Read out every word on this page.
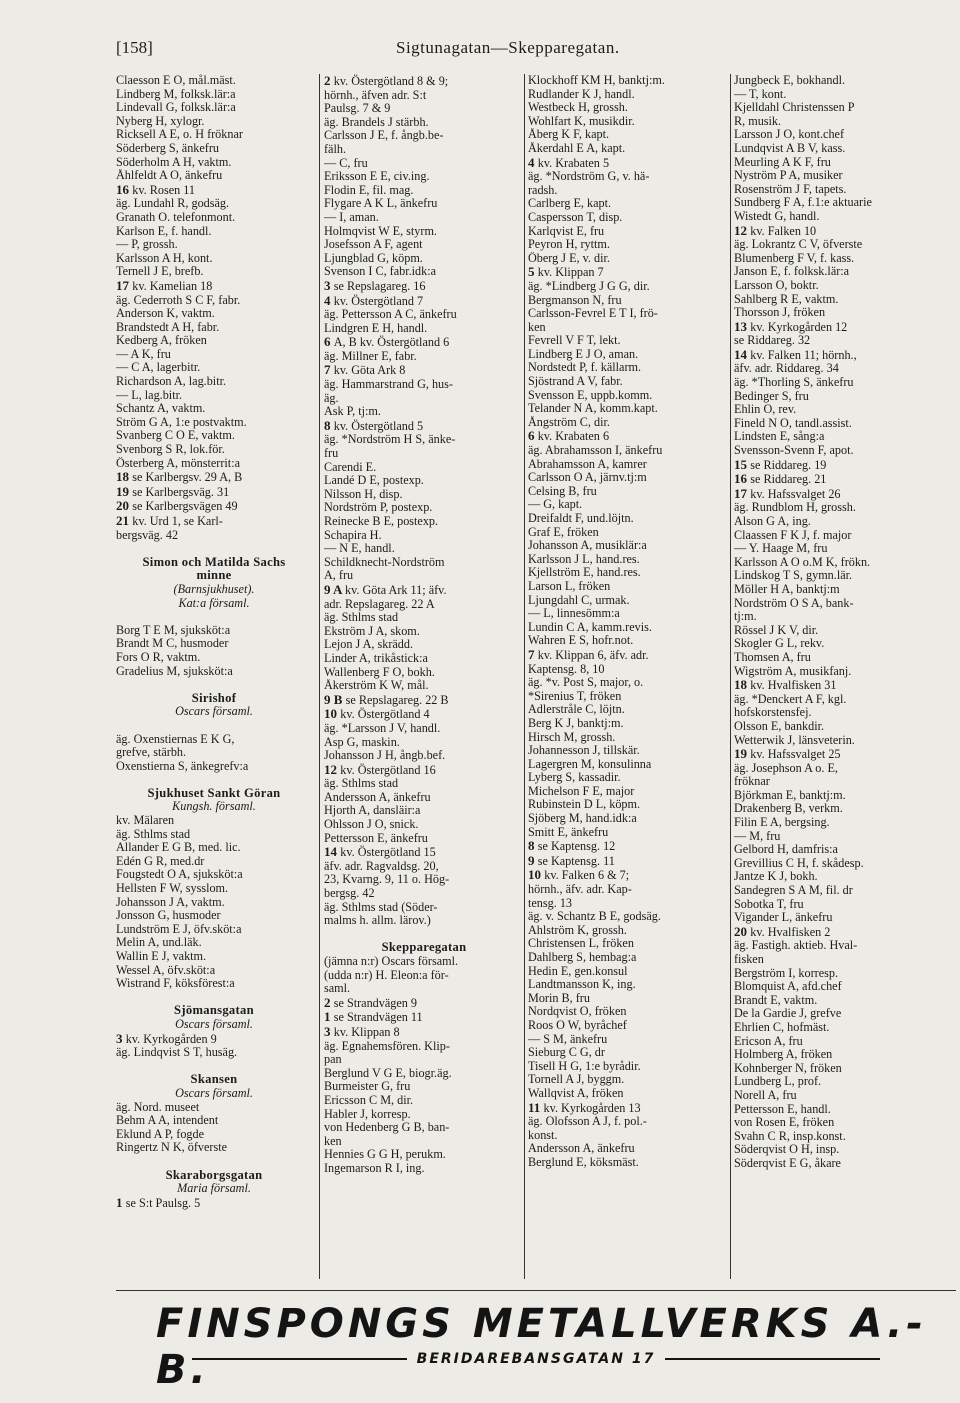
[158]	Sigtunagatan—Skepparegatan.
Claesson E O, mål.mäst.
Lindberg M, folksk.lär:a
Lindevall G, folksk.lär:a
Nyberg H, xylogr.
Ricksell A E, o. H fröknar
Söderberg S, änkefru
Söderholm A H, vaktm.
Åhlfeldt A O, änkefru
16 kv. Rosen 11
äg. Lundahl R, godsäg.
Granath O. telefonmont.
Karlson E, f. handl.
— P, grossh.
Karlsson A H, kont.
Ternell J E, brefb.
17 kv. Kamelian 18
äg. Cederroth S C F, fabr.
Anderson K, vaktm.
Brandstedt A H, fabr.
Kedberg A, fröken
— A K, fru
— C A, lagerbitr.
Richardson A, lag.bitr.
— L, lag.bitr.
Schantz A, vaktm.
Ström G A, 1:e postvaktm.
Svanberg C O E, vaktm.
Svenborg S R, lok.för.
Österberg A, mönsterrit:a
18 se Karlbergsv. 29 A, B
19 se Karlbergsväg. 31
20 se Karlbergsvägen 49
21 kv. Urd 1, se Karl-
bergsväg. 42

Simon och Matilda Sachs
minne
(Barnsjukhuset).
Kat:a församl.

Borg T E M, sjuksköt:a
Brandt M C, husmoder
Fors O R, vaktm.
Gradelius M, sjuksköt:a

Sirishof
Oscars församl.

äg. Oxenstiernas E K G,
grefve, stärbh.
Oxenstierna S, änkegrefv:a

Sjukhuset Sankt Göran
Kungsh. församl.
kv. Mälaren
äg. Sthlms stad
Allander E G B, med. lic.
Edén G R, med.dr
Fougstedt O A, sjuksköt:a
Hellsten F W, sysslom.
Johansson J A, vaktm.
Jonsson G, husmoder
Lundström E J, öfv.sköt:a
Melin A, und.läk.
Wallin E J, vaktm.
Wessel A, öfv.sköt:a
Wistrand F, köksförest:a

Sjömansgatan
Oscars församl.
3 kv. Kyrkogården 9
äg. Lindqvist S T, husäg.

Skansen
Oscars församl.
äg. Nord. museet
Behm A A, intendent
Eklund A P, fogde
Ringertz N K, öfverste

Skaraborgsgatan
Maria församl.
1 se S:t Paulsg. 5
2 kv. Östergötland 8 & 9;
hörnh., äfven adr. S:t
Paulsg. 7 & 9
äg. Brandels J stärbh.
Carlsson J E, f. ångb.be-
fälh.
— C, fru
Eriksson E E, civ.ing.
Flodin E, fil. mag.
Flygare A K L, änkefru
— I, aman.
Holmqvist W E, styrm.
Josefsson A F, agent
Ljungblad G, köpm.
Svenson I C, fabr.idk:a
3 se Repslagareg. 16
4 kv. Östergötland 7
äg. Pettersson A C, änkefru
Lindgren E H, handl.
6 A, B kv. Östergötland 6
äg. Millner E, fabr.
7 kv. Göta Ark 8
äg. Hammarstrand G, hus-
äg.
Ask P, tj:m.
8 kv. Östergötland 5
äg. *Nordström H S, änke-
fru
Carendi E.
Landé D E, postexp.
Nilsson H, disp.
Nordström P, postexp.
Reinecke B E, postexp.
Schapira H.
— N E, handl.
Schildknecht-Nordström
A, fru
9 A kv. Göta Ark 11; äfv.
adr. Repslagareg. 22 A
äg. Sthlms stad
Ekström J A, skom.
Lejon J A, skrädd.
Linder A, trikåstick:a
Wallenberg F O, bokh.
Åkerström K W, mål.
9 B se Repslagareg. 22 B
10 kv. Östergötland 4
äg. *Larsson J V, handl.
Asp G, maskin.
Johansson J H, ångb.bef.
12 kv. Östergötland 16
äg. Sthlms stad
Andersson A, änkefru
Hjorth A, dansläir:a
Ohlsson J O, snick.
Pettersson E, änkefru
14 kv. Östergötland 15
äfv. adr. Ragvaldsg. 20,
23, Kvarng. 9, 11 o. Hög-
bergsg. 42
äg. Sthlms stad (Söder-
malms h. allm. lärov.)

Skepparegatan
(jämna n:r) Oscars församl.
(udda n:r) H. Eleon:a för-
saml.
2 se Strandvägen 9
1 se Strandvägen 11
3 kv. Klippan 8
äg. Egnahemsfören. Klip-
pan
Berglund V G E, biogr.äg.
Burmeister G, fru
Ericsson C M, dir.
Habler J, korresp.
von Hedenberg G B, ban-
ken
Hennies G G H, perukm.
Ingemarson R I, ing.
Klockhoff KM H, banktj:m.
Rudlander K J, handl.
Westbeck H, grossh.
Wohlfart K, musikdir.
Åberg K F, kapt.
Åkerdahl E A, kapt.
4 kv. Krabaten 5
äg. *Nordström G, v. hä-
radsh.
Carlberg E, kapt.
Caspersson T, disp.
Karlqvist E, fru
Peyron H, ryttm.
Öberg J E, v. dir.
5 kv. Klippan 7
äg. *Lindberg J G G, dir.
Bergmanson N, fru
Carlsson-Fevrel E T I, frö-
ken
Fevrell V F T, lekt.
Lindberg E J O, aman.
Nordstedt P, f. källarm.
Sjöstrand A V, fabr.
Svensson E, uppb.komm.
Telander N A, komm.kapt.
Ångström C, dir.
6 kv. Krabaten 6
äg. Abrahamsson I, änkefru
Abrahamsson A, kamrer
Carlsson O A, järnv.tj:m
Celsing B, fru
— G, kapt.
Dreifaldt F, und.löjtn.
Graf E, fröken
Johansson A, musiklär:a
Karlsson J L, hand.res.
Kjellström E, hand.res.
Larson L, fröken
Ljungdahl C, urmak.
— L, linnesömm:a
Lundin C A, kamm.revis.
Wahren E S, hofr.not.
7 kv. Klippan 6, äfv. adr.
Kaptensg. 8, 10
äg. *v. Post S, major, o.
*Sirenius T, fröken
Adlerstråle C, löjtn.
Berg K J, banktj:m.
Hirsch M, grossh.
Johannesson J, tillskär.
Lagergren M, konsulinna
Lyberg S, kassadir.
Michelson F E, major
Rubinstein D L, köpm.
Sjöberg M, hand.idk:a
Smitt E, änkefru
8 se Kaptensg. 12
9 se Kaptensg. 11
10 kv. Falken 6 & 7;
hörnh., äfv. adr. Kap-
tensg. 13
äg. v. Schantz B E, godsäg.
Ahlström K, grossh.
Christensen L, fröken
Dahlberg S, hembag:a
Hedin E, gen.konsul
Landtmansson K, ing.
Morin B, fru
Nordqvist O, fröken
Roos O W, byråchef
— S M, änkefru
Sieburg C G, dr
Tisell H G, 1:e byrådir.
Tornell A J, byggm.
Wallqvist A, fröken
11 kv. Kyrkogården 13
äg. Olofsson A J, f. pol.-
konst.
Andersson A, änkefru
Berglund E, köksmäst.
Jungbeck E, bokhandl.
— T, kont.
Kjelldahl Christenssen P
R, musik.
Larsson J O, kont.chef
Lundqvist A B V, kass.
Meurling A K F, fru
Nyström P A, musiker
Rosenström J F, tapets.
Sundberg F A, f.1:e aktuarie
Wistedt G, handl.
12 kv. Falken 10
äg. Lokrantz C V, öfverste
Blumenberg F V, f. kass.
Janson E, f. folksk.lär:a
Larsson O, boktr.
Sahlberg R E, vaktm.
Thorsson J, fröken
13 kv. Kyrkogården 12
se Riddareg. 32
14 kv. Falken 11; hörnh.,
äfv. adr. Riddareg. 34
äg. *Thorling S, änkefru
Bedinger S, fru
Ehlin O, rev.
Fineld N O, tandl.assist.
Lindsten E, sång:a
Svensson-Svenn F, apot.
15 se Riddareg. 19
16 se Riddareg. 21
17 kv. Hafssvalget 26
äg. Rundblom H, grossh.
Alson G A, ing.
Claassen F K J, f. major
— Y. Haage M, fru
Karlsson A O o.M K, frökn.
Lindskog T S, gymn.lär.
Möller H A, banktj:m
Nordström O S A, bank-
tj:m.
Rössel J K V, dir.
Skogler G L, rekv.
Thomsen A, fru
Wigström A, musikfanj.
18 kv. Hvalfisken 31
äg. *Denckert A F, kgl.
hofskorstensfej.
Olsson E, bankdir.
Wetterwik J, länsveterin.
19 kv. Hafssvalget 25
äg. Josephson A o. E,
fröknar
Björkman E, banktj:m.
Drakenberg B, verkm.
Filin E A, bergsing.
— M, fru
Gelbord H, damfris:a
Grevillius C H, f. skådesp.
Jantze K J, bokh.
Sandegren S A M, fil. dr
Sobotka T, fru
Vigander L, änkefru
20 kv. Hvalfisken 2
äg. Fastigh. aktieb. Hval-
fisken
Bergström I, korresp.
Blomquist A, afd.chef
Brandt E, vaktm.
De la Gardie J, grefve
Ehrlien C, hofmäst.
Ericson A, fru
Holmberg A, fröken
Kohnberger N, fröken
Lundberg L, prof.
Norell A, fru
Pettersson E, handl.
von Rosen E, fröken
Svahn C R, insp.konst.
Söderqvist O H, insp.
Söderqvist E G, åkare
FINSPONGS METALLVERKS A.-B.	BERIDAREBANSGATAN 17
